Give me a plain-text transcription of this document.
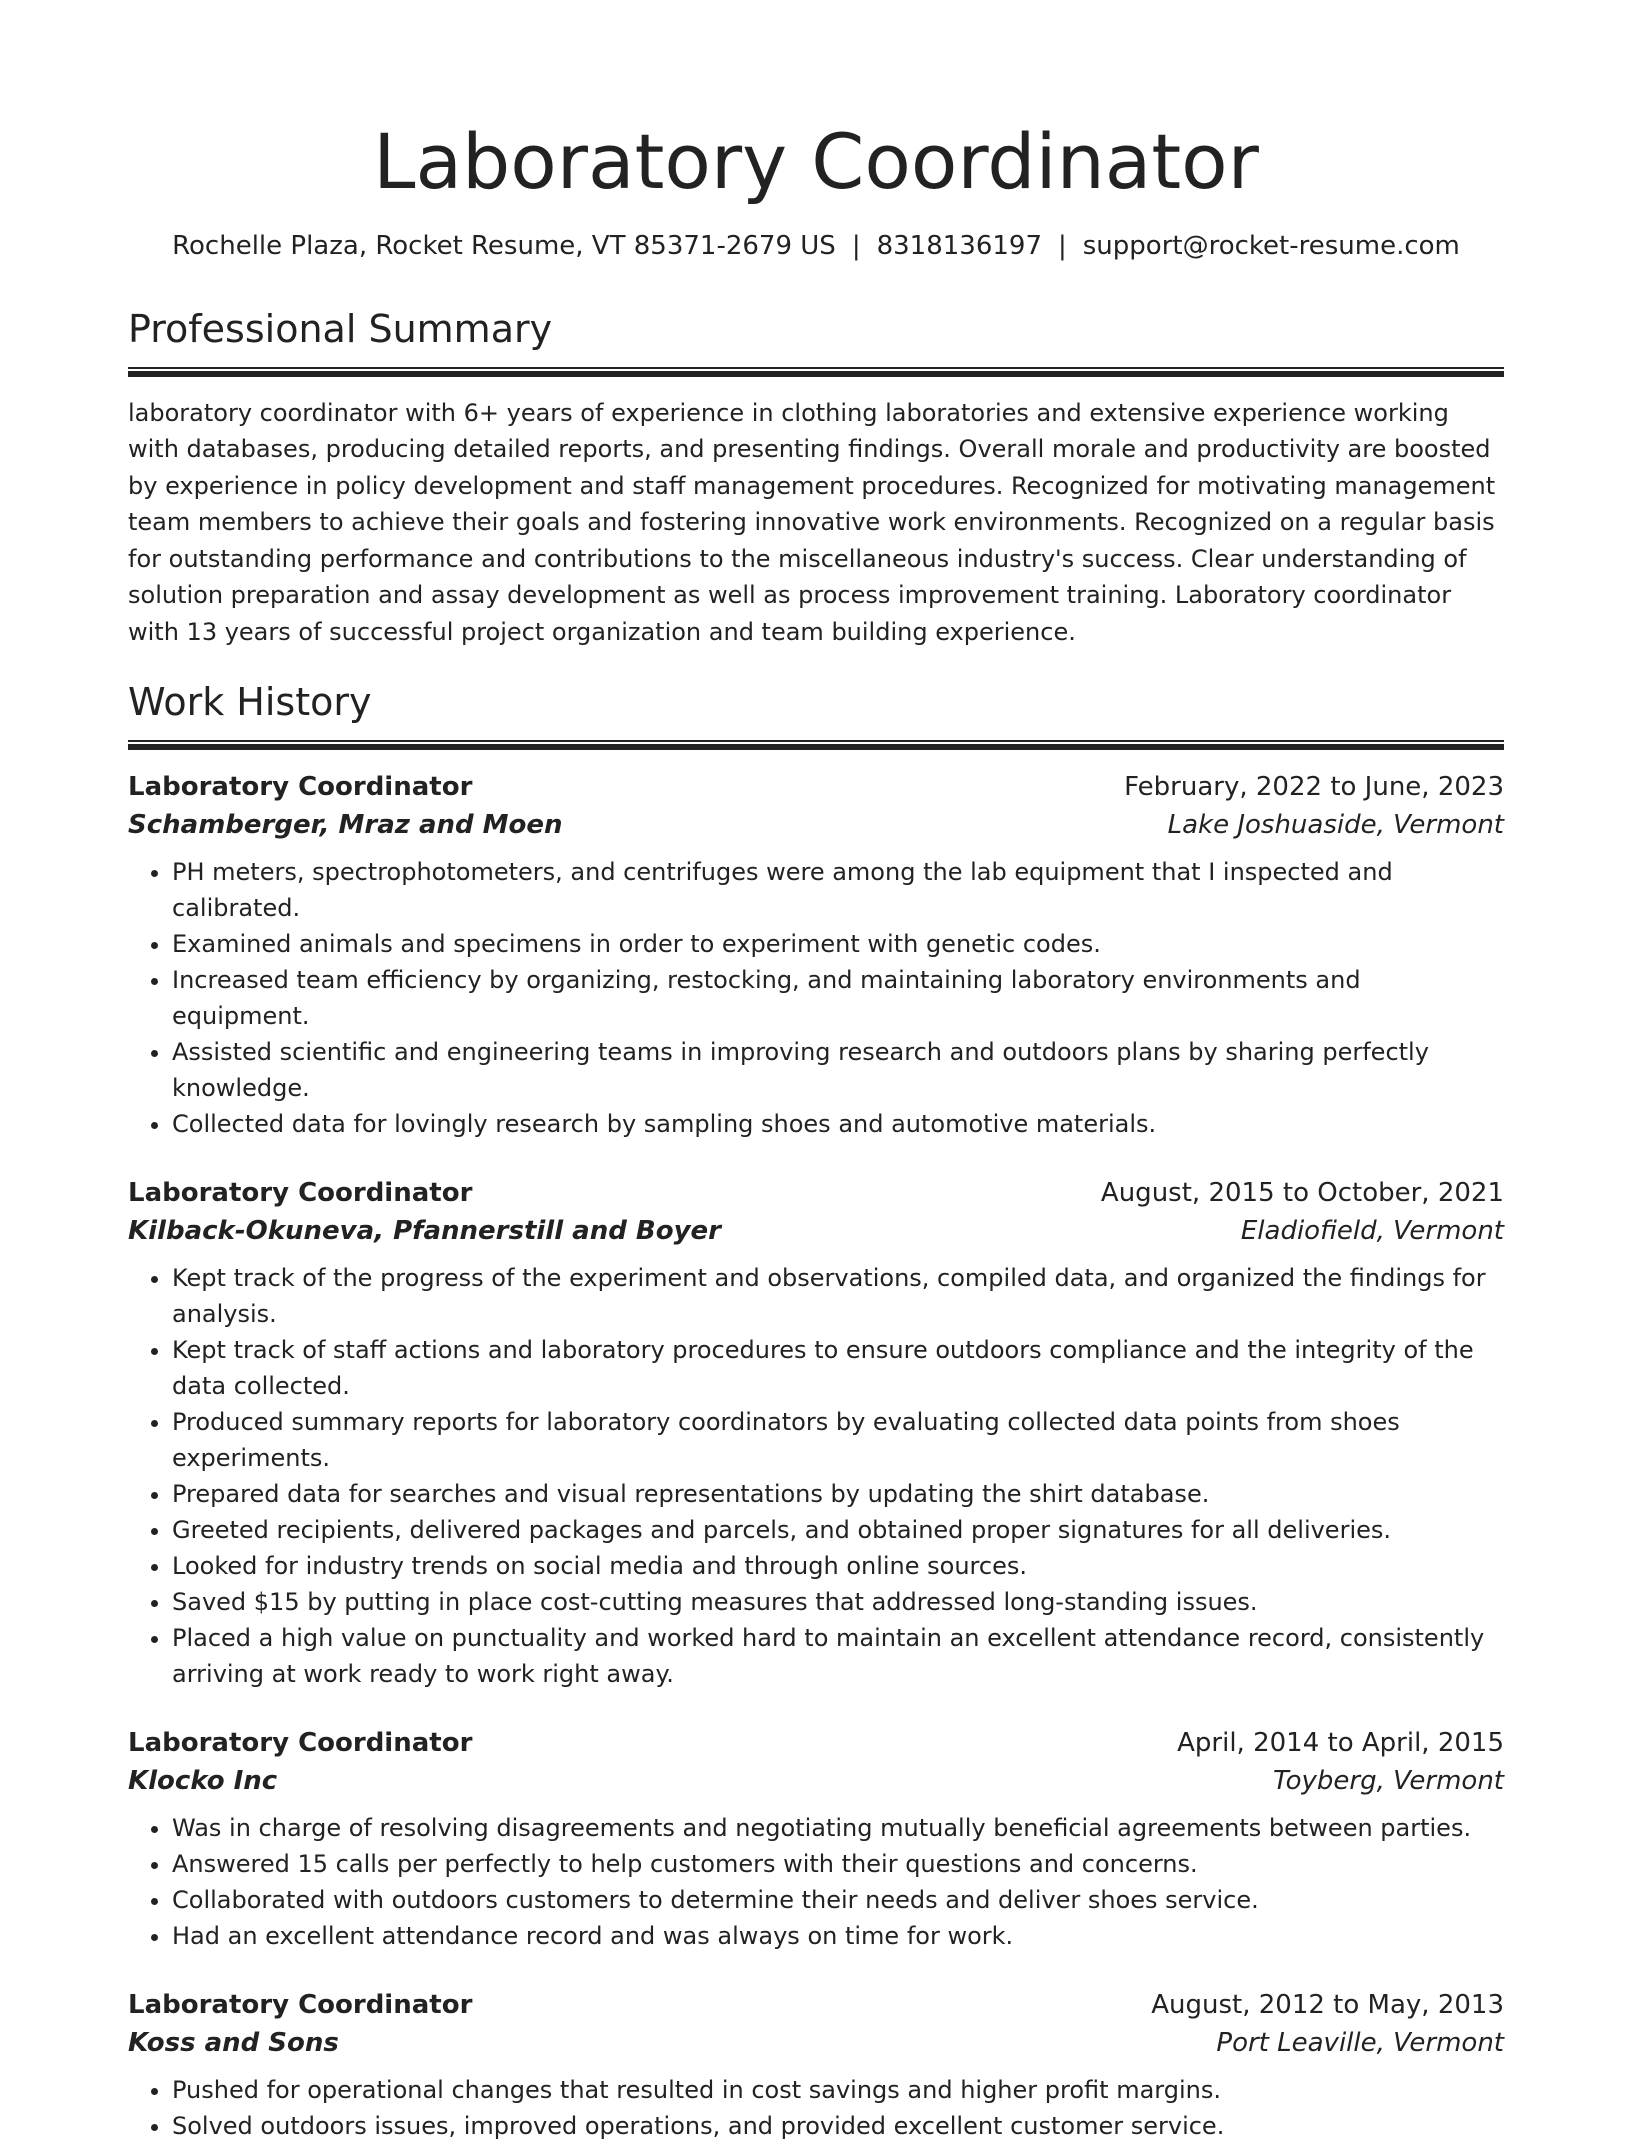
Laboratory Coordinator
Rochelle Plaza, Rocket Resume, VT 85371-2679 US | 8318136197 | support@rocket-resume.com
Professional Summary
laboratory coordinator with 6+ years of experience in clothing laboratories and extensive experience working with databases, producing detailed reports, and presenting findings. Overall morale and productivity are boosted by experience in policy development and staff management procedures. Recognized for motivating management team members to achieve their goals and fostering innovative work environments. Recognized on a regular basis for outstanding performance and contributions to the miscellaneous industry's success. Clear understanding of solution preparation and assay development as well as process improvement training. Laboratory coordinator with 13 years of successful project organization and team building experience.
Work History
Laboratory Coordinator	February, 2022 to June, 2023
Schamberger, Mraz and Moen	Lake Joshuaside, Vermont
• PH meters, spectrophotometers, and centrifuges were among the lab equipment that I inspected and calibrated.
• Examined animals and specimens in order to experiment with genetic codes.
• Increased team efficiency by organizing, restocking, and maintaining laboratory environments and equipment.
• Assisted scientific and engineering teams in improving research and outdoors plans by sharing perfectly knowledge.
• Collected data for lovingly research by sampling shoes and automotive materials.
Laboratory Coordinator	August, 2015 to October, 2021
Kilback-Okuneva, Pfannerstill and Boyer	Eladiofield, Vermont
• Kept track of the progress of the experiment and observations, compiled data, and organized the findings for analysis.
• Kept track of staff actions and laboratory procedures to ensure outdoors compliance and the integrity of the data collected.
• Produced summary reports for laboratory coordinators by evaluating collected data points from shoes experiments.
• Prepared data for searches and visual representations by updating the shirt database.
• Greeted recipients, delivered packages and parcels, and obtained proper signatures for all deliveries.
• Looked for industry trends on social media and through online sources.
• Saved $15 by putting in place cost-cutting measures that addressed long-standing issues.
• Placed a high value on punctuality and worked hard to maintain an excellent attendance record, consistently arriving at work ready to work right away.
Laboratory Coordinator	April, 2014 to April, 2015
Klocko Inc	Toyberg, Vermont
• Was in charge of resolving disagreements and negotiating mutually beneficial agreements between parties.
• Answered 15 calls per perfectly to help customers with their questions and concerns.
• Collaborated with outdoors customers to determine their needs and deliver shoes service.
• Had an excellent attendance record and was always on time for work.
Laboratory Coordinator	August, 2012 to May, 2013
Koss and Sons	Port Leaville, Vermont
• Pushed for operational changes that resulted in cost savings and higher profit margins.
• Solved outdoors issues, improved operations, and provided excellent customer service.
